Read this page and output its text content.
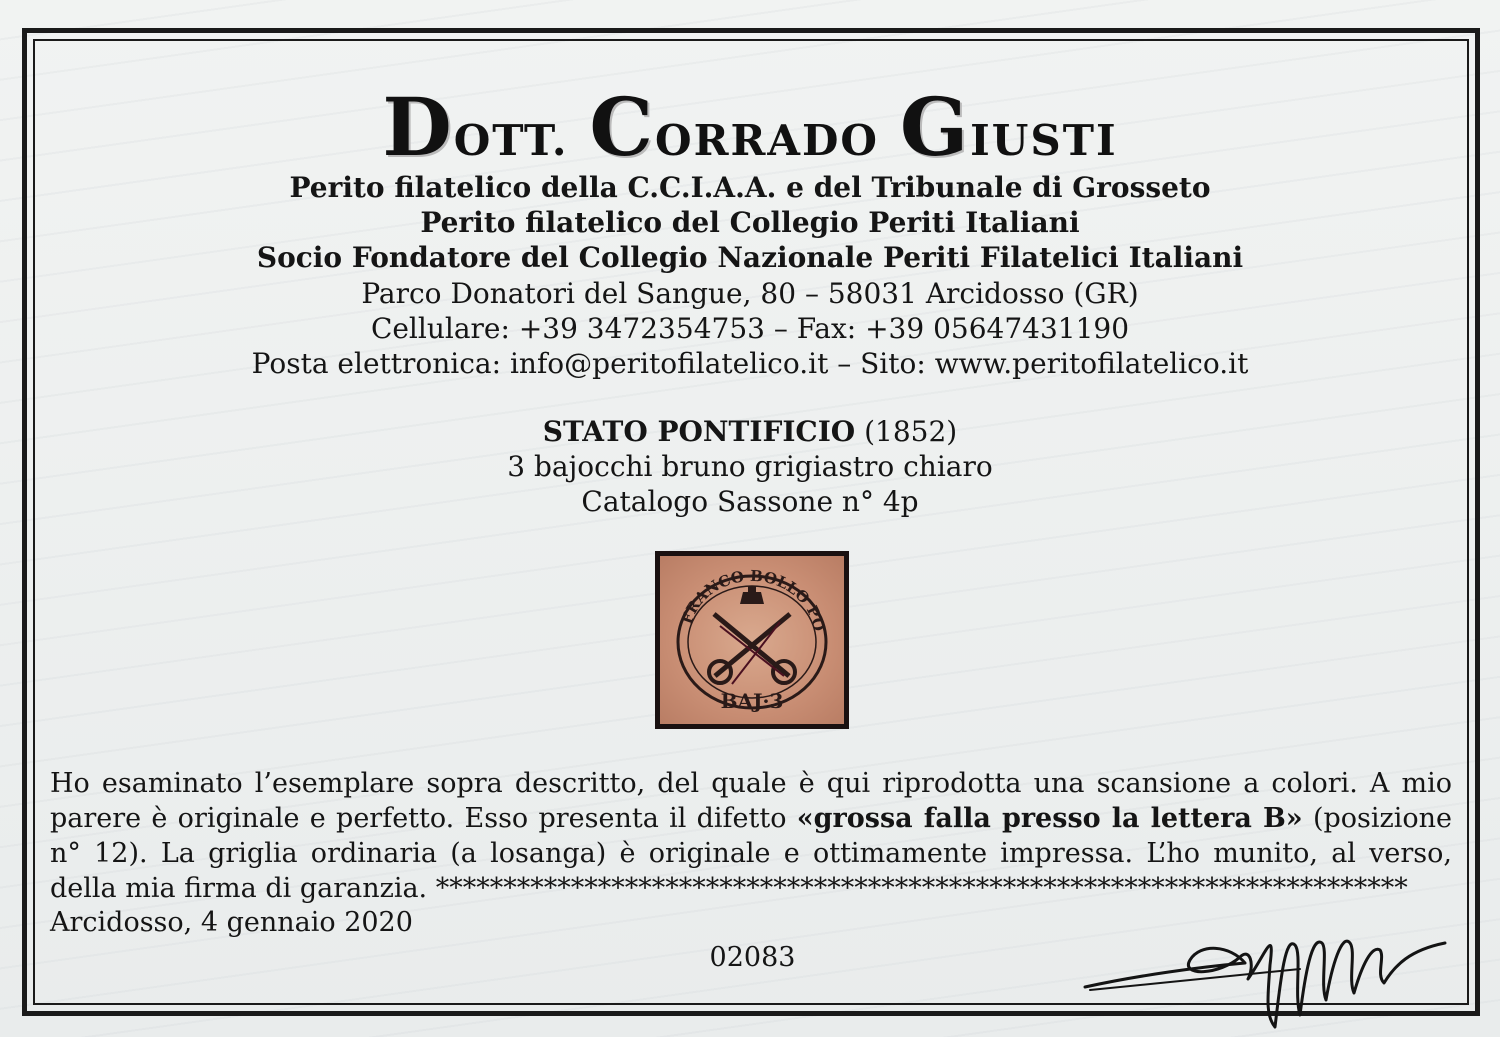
DOTT. CORRADO GIUSTI
Perito filatelico della C.C.I.A.A. e del Tribunale di Grosseto
Perito filatelico del Collegio Periti Italiani
Socio Fondatore del Collegio Nazionale Periti Filatelici Italiani
Parco Donatori del Sangue, 80 – 58031 Arcidosso (GR)
Cellulare: +39 3472354753 – Fax: +39 05647431190
Posta elettronica: info@peritofilatelico.it – Sito: www.peritofilatelico.it
STATO PONTIFICIO (1852)
3 bajocchi bruno grigiastro chiaro
Catalogo Sassone n° 4p
FRANCO BOLLO PO
BAJ·3

Ho esaminato l’esemplare sopra descritto, del quale è qui riprodotta una scansione a colori. A mio parere è originale e perfetto. Esso presenta il difetto «grossa falla presso la lettera B» (posizione n° 12). La griglia ordinaria (a losanga) è originale e ottimamente impressa. L’ho munito, al verso, della mia firma di garanzia. ************************************************************************

Arcidosso, 4 gennaio 2020
02083
